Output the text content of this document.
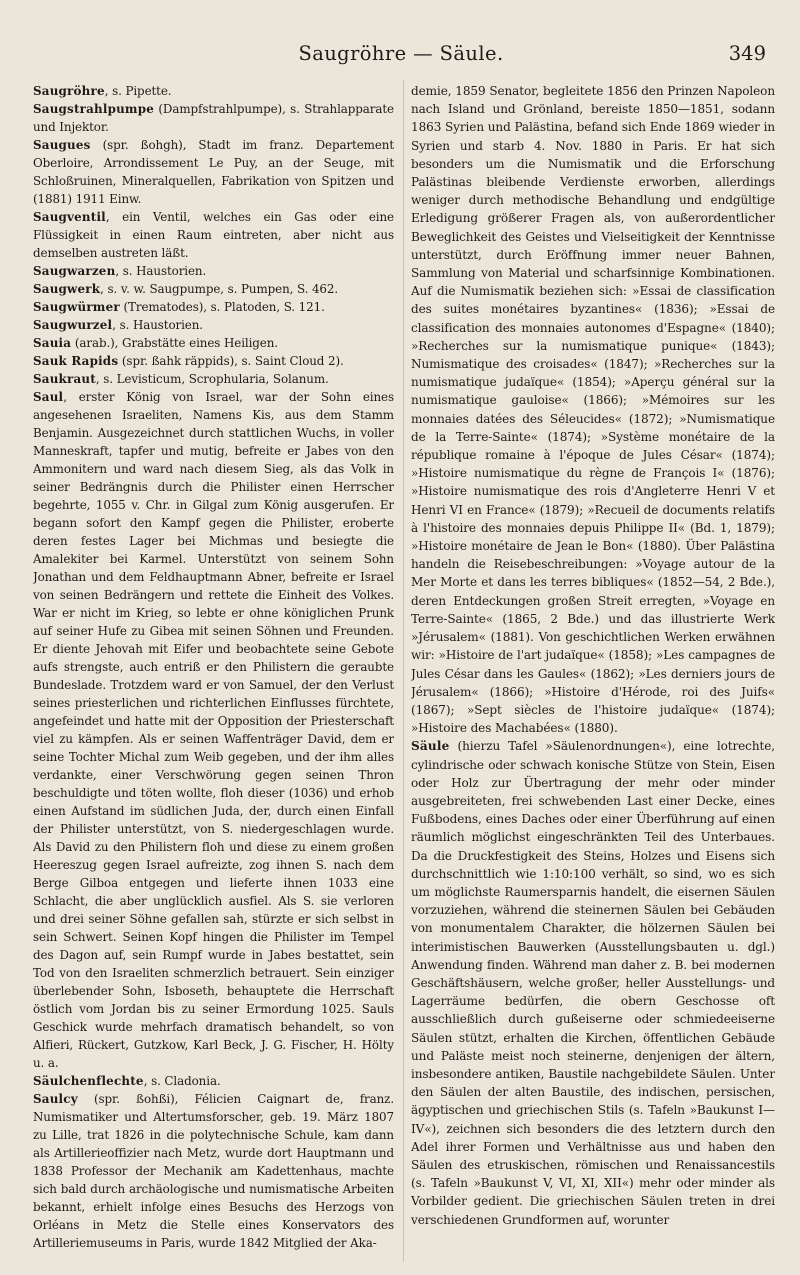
Saugröhre — Säule.	349

Saugröhre, s. Pipette.

Saugstrahlpumpe (Dampfstrahlpumpe), s. Strahlapparate und Injektor.

Saugues (spr. ßohgh), Stadt im franz. Departement Oberloire, Arrondissement Le Puy, an der Seuge, mit Schloßruinen, Mineralquellen, Fabrikation von Spitzen und (1881) 1911 Einw.

Saugventil, ein Ventil, welches ein Gas oder eine Flüssigkeit in einen Raum eintreten, aber nicht aus demselben austreten läßt.

Saugwarzen, s. Haustorien.

Saugwerk, s. v. w. Saugpumpe, s. Pumpen, S. 462.

Saugwürmer (Trematodes), s. Platoden, S. 121.

Saugwurzel, s. Haustorien.

Sauia (arab.), Grabstätte eines Heiligen.

Sauk Rapids (spr. ßahk räppids), s. Saint Cloud 2).

Saukraut, s. Levisticum, Scrophularia, Solanum.

Saul, erster König von Israel, war der Sohn eines angesehenen Israeliten, Namens Kis, aus dem Stamm Benjamin. Ausgezeichnet durch stattlichen Wuchs, in voller Manneskraft, tapfer und mutig, befreite er Jabes von den Ammonitern und ward nach diesem Sieg, als das Volk in seiner Bedrängnis durch die Philister einen Herrscher begehrte, 1055 v. Chr. in Gilgal zum König ausgerufen. Er begann sofort den Kampf gegen die Philister, eroberte deren festes Lager bei Michmas und besiegte die Amalekiter bei Karmel. Unterstützt von seinem Sohn Jonathan und dem Feldhauptmann Abner, befreite er Israel von seinen Bedrängern und rettete die Einheit des Volkes. War er nicht im Krieg, so lebte er ohne königlichen Prunk auf seiner Hufe zu Gibea mit seinen Söhnen und Freunden. Er diente Jehovah mit Eifer und beobachtete seine Gebote aufs strengste, auch entriß er den Philistern die geraubte Bundeslade. Trotzdem ward er von Samuel, der den Verlust seines priesterlichen und richterlichen Einflusses fürchtete, angefeindet und hatte mit der Opposition der Priesterschaft viel zu kämpfen. Als er seinen Waffenträger David, dem er seine Tochter Michal zum Weib gegeben, und der ihm alles verdankte, einer Verschwörung gegen seinen Thron beschuldigte und töten wollte, floh dieser (1036) und erhob einen Aufstand im südlichen Juda, der, durch einen Einfall der Philister unterstützt, von S. niedergeschlagen wurde. Als David zu den Philistern floh und diese zu einem großen Heereszug gegen Israel aufreizte, zog ihnen S. nach dem Berge Gilboa entgegen und lieferte ihnen 1033 eine Schlacht, die aber unglücklich ausfiel. Als S. sie verloren und drei seiner Söhne gefallen sah, stürzte er sich selbst in sein Schwert. Seinen Kopf hingen die Philister im Tempel des Dagon auf, sein Rumpf wurde in Jabes bestattet, sein Tod von den Israeliten schmerzlich betrauert. Sein einziger überlebender Sohn, Isboseth, behauptete die Herrschaft östlich vom Jordan bis zu seiner Ermordung 1025. Sauls Geschick wurde mehrfach dramatisch behandelt, so von Alfieri, Rückert, Gutzkow, Karl Beck, J. G. Fischer, H. Hölty u. a.

Säulchenflechte, s. Cladonia.

Saulcy (spr. ßohßi), Félicien Caignart de, franz. Numismatiker und Altertumsforscher, geb. 19. März 1807 zu Lille, trat 1826 in die polytechnische Schule, kam dann als Artillerieoffizier nach Metz, wurde dort Hauptmann und 1838 Professor der Mechanik am Kadettenhaus, machte sich bald durch archäologische und numismatische Arbeiten bekannt, erhielt infolge eines Besuchs des Herzogs von Orléans in Metz die Stelle eines Konservators des Artilleriemuseums in Paris, wurde 1842 Mitglied der Aka-

demie, 1859 Senator, begleitete 1856 den Prinzen Napoleon nach Island und Grönland, bereiste 1850—1851, sodann 1863 Syrien und Palästina, befand sich Ende 1869 wieder in Syrien und starb 4. Nov. 1880 in Paris. Er hat sich besonders um die Numismatik und die Erforschung Palästinas bleibende Verdienste erworben, allerdings weniger durch methodische Behandlung und endgültige Erledigung größerer Fragen als, von außerordentlicher Beweglichkeit des Geistes und Vielseitigkeit der Kenntnisse unterstützt, durch Eröffnung immer neuer Bahnen, Sammlung von Material und scharfsinnige Kombinationen. Auf die Numismatik beziehen sich: »Essai de classification des suites monétaires byzantines« (1836); »Essai de classification des monnaies autonomes d'Espagne« (1840); »Recherches sur la numismatique punique« (1843); Numismatique des croisades« (1847); »Recherches sur la numismatique judaïque« (1854); »Aperçu général sur la numismatique gauloise« (1866); »Mémoires sur les monnaies datées des Séleucides« (1872); »Numismatique de la Terre-Sainte« (1874); »Système monétaire de la république romaine à l'époque de Jules César« (1874); »Histoire numismatique du règne de François I« (1876); »Histoire numismatique des rois d'Angleterre Henri V et Henri VI en France« (1879); »Recueil de documents relatifs à l'histoire des monnaies depuis Philippe II« (Bd. 1, 1879); »Histoire monétaire de Jean le Bon« (1880). Über Palästina handeln die Reisebeschreibungen: »Voyage autour de la Mer Morte et dans les terres bibliques« (1852—54, 2 Bde.), deren Entdeckungen großen Streit erregten, »Voyage en Terre-Sainte« (1865, 2 Bde.) und das illustrierte Werk »Jérusalem« (1881). Von geschichtlichen Werken erwähnen wir: »Histoire de l'art judaïque« (1858); »Les campagnes de Jules César dans les Gaules« (1862); »Les derniers jours de Jérusalem« (1866); »Histoire d'Hérode, roi des Juifs« (1867); »Sept siècles de l'histoire judaïque« (1874); »Histoire des Machabées« (1880).

Säule (hierzu Tafel »Säulenordnungen«), eine lotrechte, cylindrische oder schwach konische Stütze von Stein, Eisen oder Holz zur Übertragung der mehr oder minder ausgebreiteten, frei schwebenden Last einer Decke, eines Fußbodens, eines Daches oder einer Überführung auf einen räumlich möglichst eingeschränkten Teil des Unterbaues. Da die Druckfestigkeit des Steins, Holzes und Eisens sich durchschnittlich wie 1:10:100 verhält, so sind, wo es sich um möglichste Raumersparnis handelt, die eisernen Säulen vorzuziehen, während die steinernen Säulen bei Gebäuden von monumentalem Charakter, die hölzernen Säulen bei interimistischen Bauwerken (Ausstellungsbauten u. dgl.) Anwendung finden. Während man daher z. B. bei modernen Geschäftshäusern, welche großer, heller Ausstellungs- und Lagerräume bedürfen, die obern Geschosse oft ausschließlich durch gußeiserne oder schmiedeeiserne Säulen stützt, erhalten die Kirchen, öffentlichen Gebäude und Paläste meist noch steinerne, denjenigen der ältern, insbesondere antiken, Baustile nachgebildete Säulen. Unter den Säulen der alten Baustile, des indischen, persischen, ägyptischen und griechischen Stils (s. Tafeln »Baukunst I—IV«), zeichnen sich besonders die des letztern durch den Adel ihrer Formen und Verhältnisse aus und haben den Säulen des etruskischen, römischen und Renaissancestils (s. Tafeln »Baukunst V, VI, XI, XII«) mehr oder minder als Vorbilder gedient. Die griechischen Säulen treten in drei verschiedenen Grundformen auf, worunter
